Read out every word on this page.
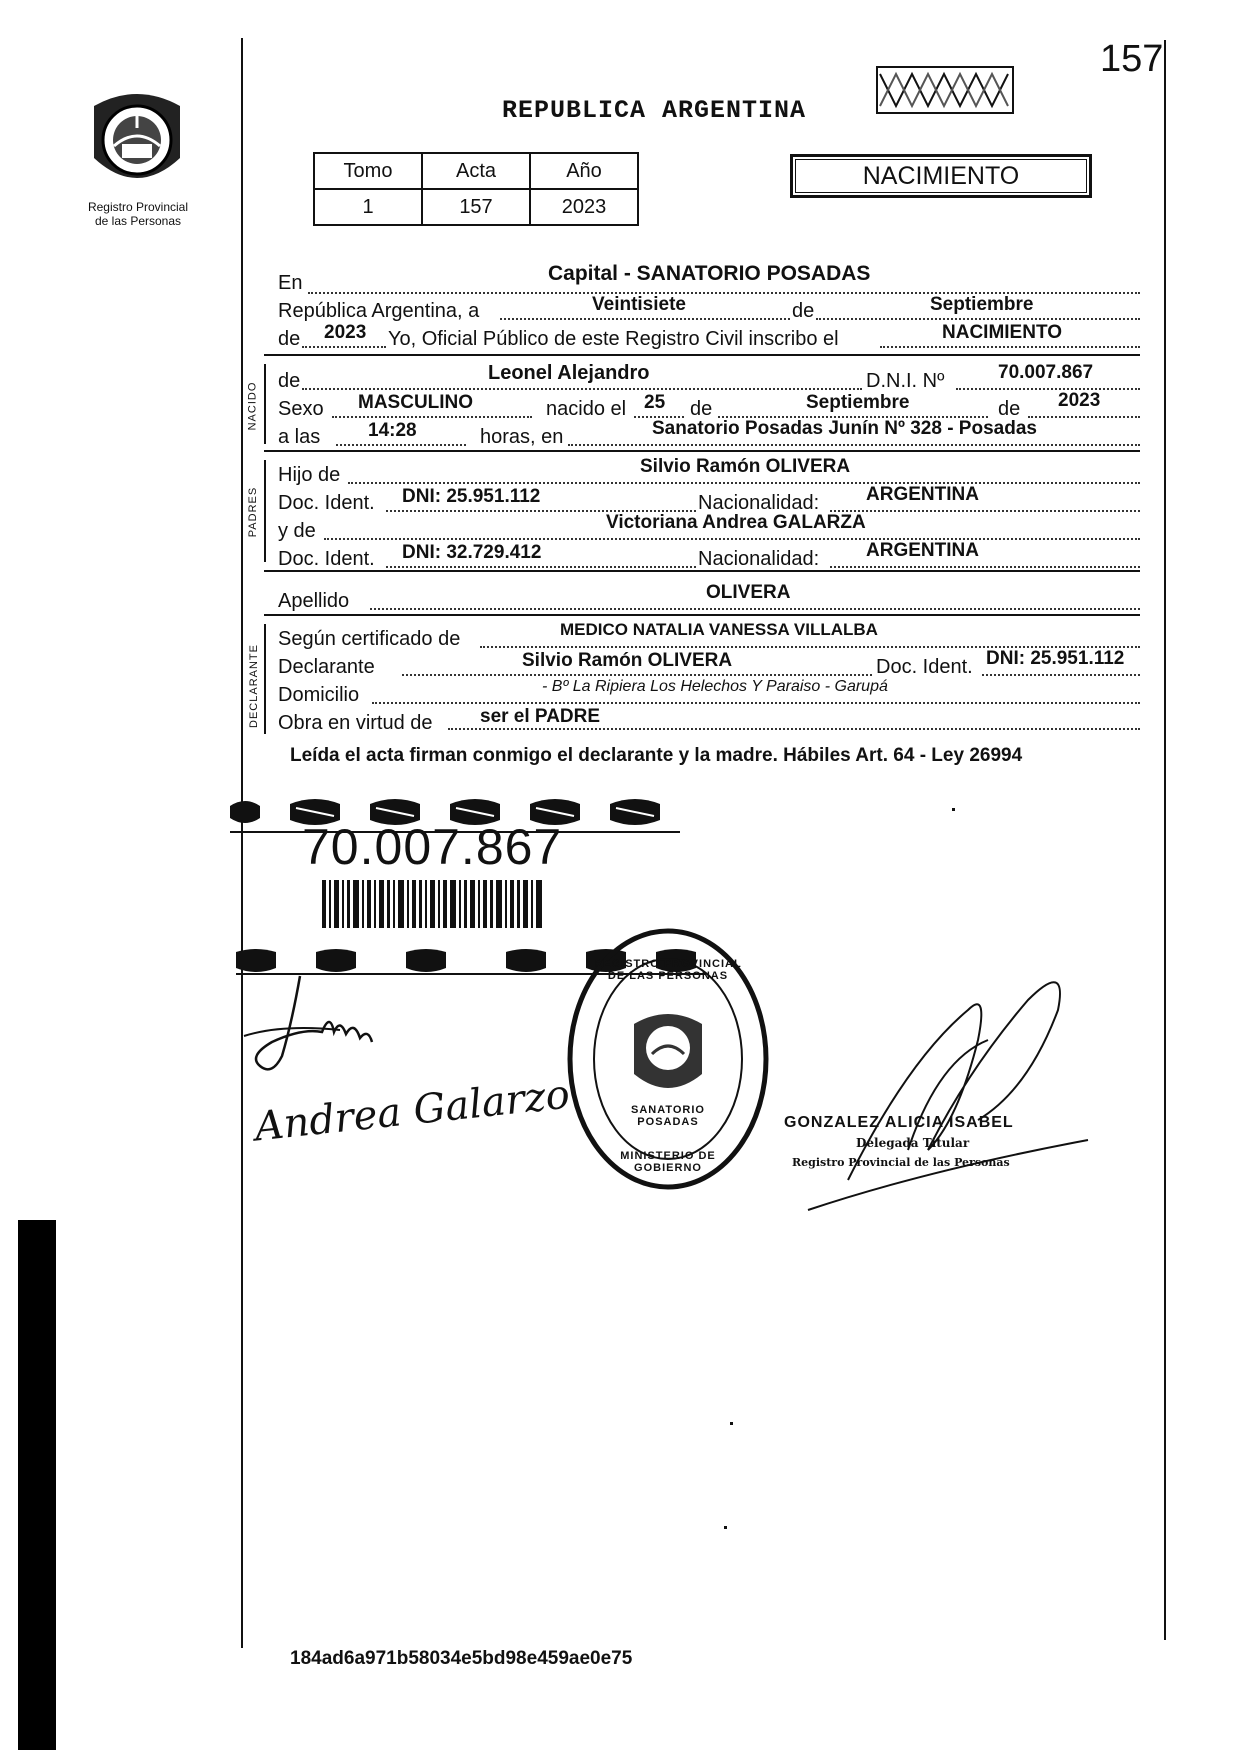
157
Registro Provincial
de las Personas
REPUBLICA ARGENTINA
Tomo	Acta	Año
1	157	2023
NACIMIENTO
En	Capital - SANATORIO POSADAS
República Argentina, a	Veintisiete	de	Septiembre
de 2023 Yo, Oficial Público de este Registro Civil inscribo el	NACIMIENTO
NACIDO
de	Leonel Alejandro	D.N.I. Nº	70.007.867
Sexo MASCULINO	nacido el 25 de	Septiembre	de 2023
a las	14:28	horas, en	Sanatorio Posadas Junín Nº 328 - Posadas
PADRES
Hijo de	Silvio Ramón OLIVERA
Doc. Ident. DNI: 25.951.112	Nacionalidad: ARGENTINA
y de	Victoriana Andrea GALARZA
Doc. Ident. DNI: 32.729.412	Nacionalidad: ARGENTINA
Apellido	OLIVERA
DECLARANTE
Según certificado de	MEDICO NATALIA VANESSA VILLALBA
Declarante	Silvio Ramón OLIVERA	Doc. Ident. DNI: 25.951.112
Domicilio	- Bº La Ripiera Los Helechos Y Paraiso - Garupá
Obra en virtud de ser el PADRE
Leída el acta firman conmigo el declarante y la madre. Hábiles Art. 64 - Ley 26994
70.007.867
REGISTRO PROVINCIAL DE LAS PERSONAS
SANATORIO POSADAS
MINISTERIO DE GOBIERNO
Andrea Galarzo	GONZALEZ ALICIA ISABEL
Delegada Titular
Registro Provincial de las Personas
184ad6a971b58034e5bd98e459ae0e75
